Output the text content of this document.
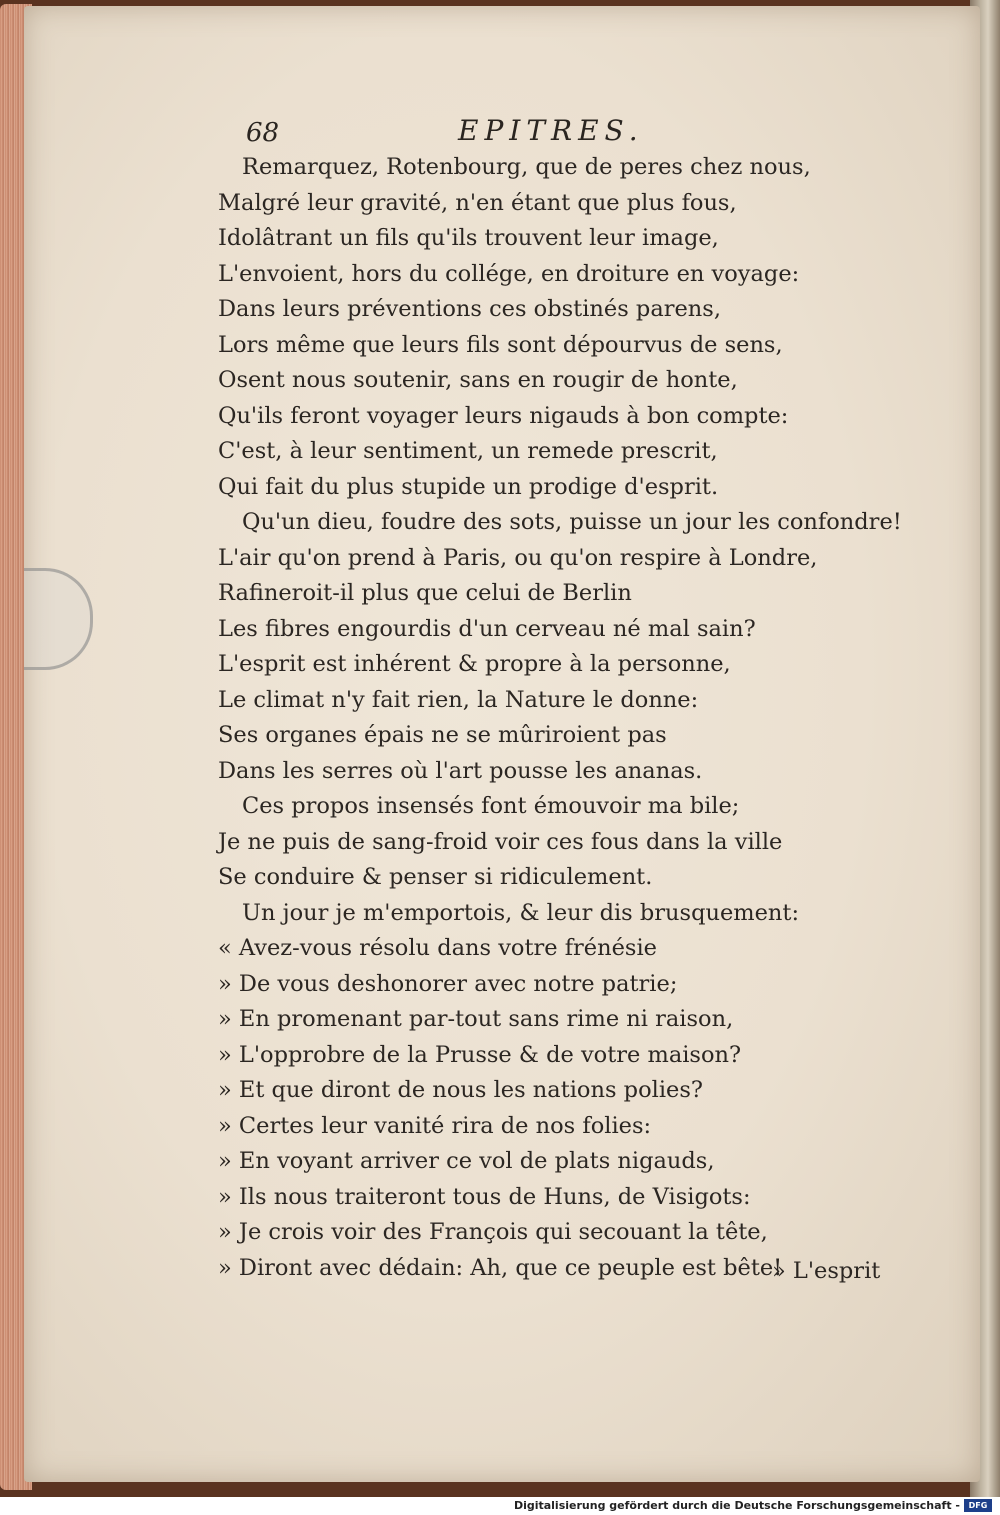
68	EPITRES.
Remarquez, Rotenbourg, que de peres chez nous,
Malgré leur gravité, n'en étant que plus fous,
Idolâtrant un fils qu'ils trouvent leur image,
L'envoient, hors du collége, en droiture en voyage:
Dans leurs préventions ces obstinés parens,
Lors même que leurs fils sont dépourvus de sens,
Osent nous soutenir, sans en rougir de honte,
Qu'ils feront voyager leurs nigauds à bon compte:
C'est, à leur sentiment, un remede prescrit,
Qui fait du plus stupide un prodige d'esprit.
Qu'un dieu, foudre des sots, puisse un jour les confondre!
L'air qu'on prend à Paris, ou qu'on respire à Londre,
Rafineroit-il plus que celui de Berlin
Les fibres engourdis d'un cerveau né mal sain?
L'esprit est inhérent & propre à la personne,
Le climat n'y fait rien, la Nature le donne:
Ses organes épais ne se mûriroient pas
Dans les serres où l'art pousse les ananas.
Ces propos insensés font émouvoir ma bile;
Je ne puis de sang-froid voir ces fous dans la ville
Se conduire & penser si ridiculement.
Un jour je m'emportois, & leur dis brusquement:
« Avez-vous résolu dans votre frénésie
» De vous deshonorer avec notre patrie;
» En promenant par-tout sans rime ni raison,
» L'opprobre de la Prusse & de votre maison?
» Et que diront de nous les nations polies?
» Certes leur vanité rira de nos folies:
» En voyant arriver ce vol de plats nigauds,
» Ils nous traiteront tous de Huns, de Visigots:
» Je crois voir des François qui secouant la tête,
» Diront avec dédain: Ah, que ce peuple est bête!
» L'esprit
Digitalisierung gefördert durch die Deutsche Forschungsgemeinschaft -	DFG
